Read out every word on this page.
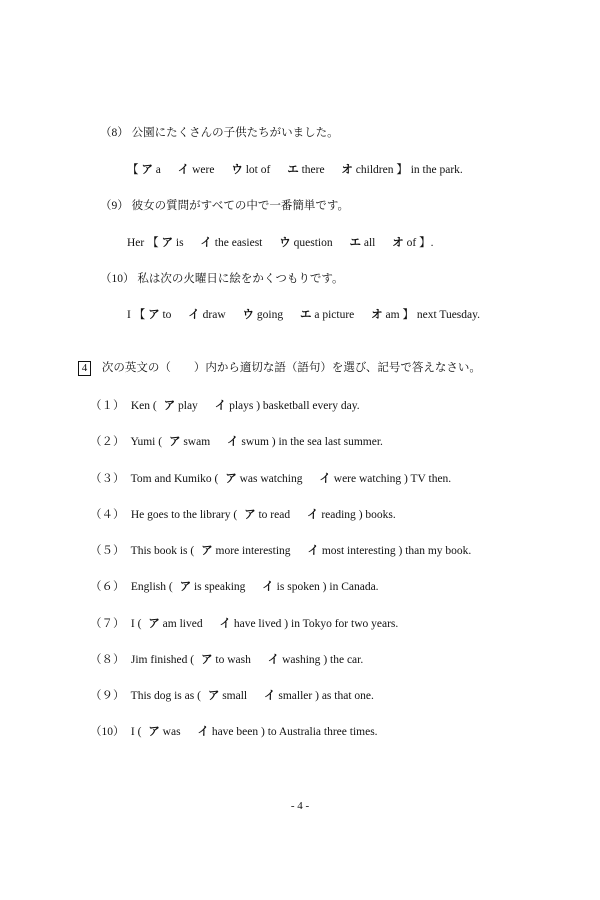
（8） 公園にたくさんの子供たちがいました。
【 ア a イ were ウ lot of エ there オ children 】 in the park.
（9） 彼女の質問がすべての中で一番簡単です。
Her 【 ア is イ the easiest ウ question エ all オ of 】.
（10） 私は次の火曜日に絵をかくつもりです。
I 【 ア to イ draw ウ going エ a picture オ am 】 next Tuesday.
4 次の英文の（　　）内から適切な語（語句）を選び、記号で答えなさい。
（１） Ken ( ア play イ plays ) basketball every day.
（２） Yumi ( ア swam イ swum ) in the sea last summer.
（３） Tom and Kumiko ( ア was watching イ were watching ) TV then.
（４） He goes to the library ( ア to read イ reading ) books.
（５） This book is ( ア more interesting イ most interesting ) than my book.
（６） English ( ア is speaking イ is spoken ) in Canada.
（７） I ( ア am lived イ have lived ) in Tokyo for two years.
（８） Jim finished ( ア to wash イ washing ) the car.
（９） This dog is as ( ア small イ smaller ) as that one.
（10） I ( ア was イ have been ) to Australia three times.
- 4 -
